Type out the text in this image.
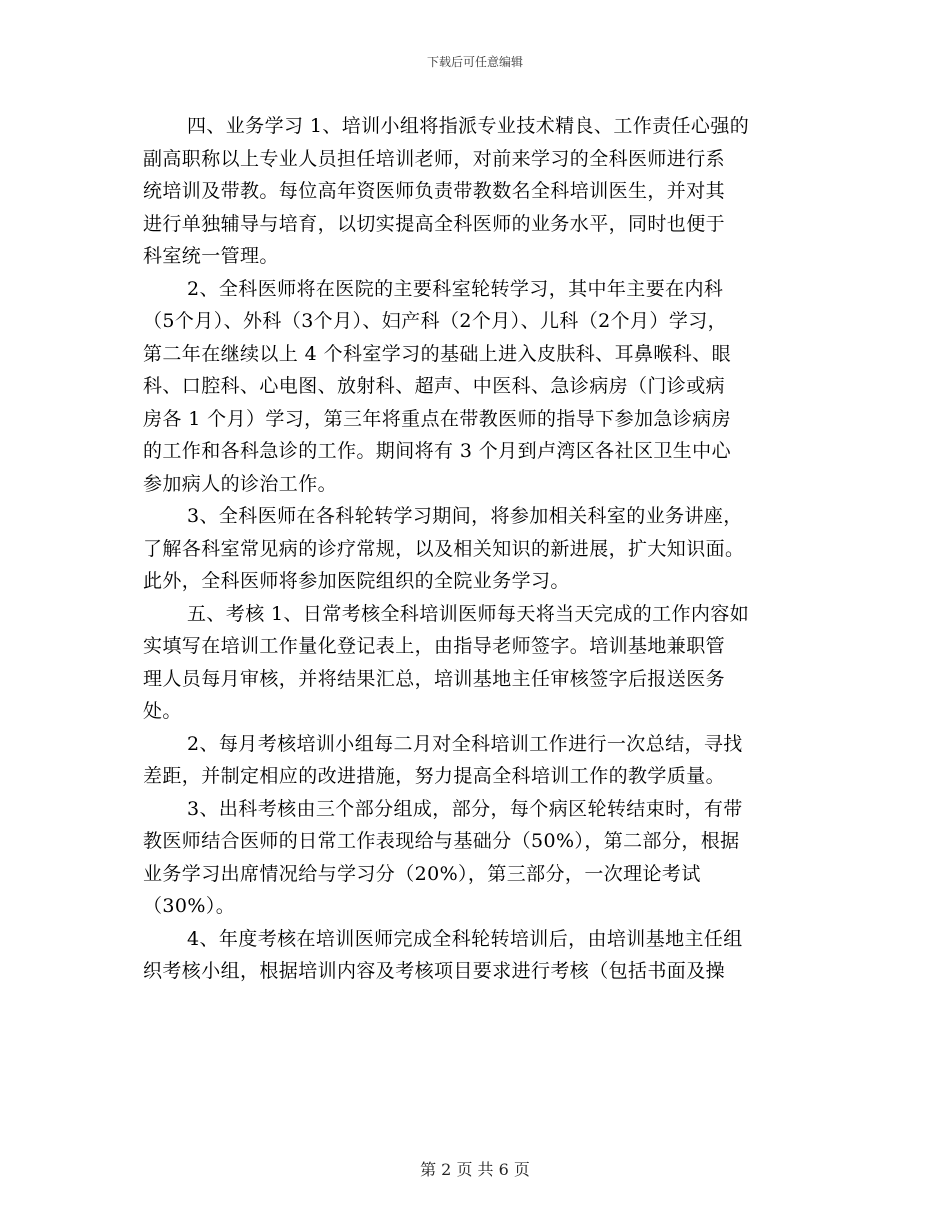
下载后可任意编辑
四、业务学习 1、培训小组将指派专业技术精良、工作责任心强的
副高职称以上专业人员担任培训老师，对前来学习的全科医师进行系
统培训及带教。每位高年资医师负责带教数名全科培训医生，并对其
进行单独辅导与培育，以切实提高全科医师的业务水平，同时也便于
科室统一管理。
2、全科医师将在医院的主要科室轮转学习，其中年主要在内科
（5个月）、外科（3个月）、妇产科（2个月）、儿科（2个月）学习，
第二年在继续以上 4 个科室学习的基础上进入皮肤科、耳鼻喉科、眼
科、口腔科、心电图、放射科、超声、中医科、急诊病房（门诊或病
房各 1 个月）学习，第三年将重点在带教医师的指导下参加急诊病房
的工作和各科急诊的工作。期间将有 3 个月到卢湾区各社区卫生中心
参加病人的诊治工作。
3、全科医师在各科轮转学习期间，将参加相关科室的业务讲座，
了解各科室常见病的诊疗常规，以及相关知识的新进展，扩大知识面。
此外，全科医师将参加医院组织的全院业务学习。
五、考核 1、日常考核全科培训医师每天将当天完成的工作内容如
实填写在培训工作量化登记表上，由指导老师签字。培训基地兼职管
理人员每月审核，并将结果汇总，培训基地主任审核签字后报送医务
处。
2、每月考核培训小组每二月对全科培训工作进行一次总结，寻找
差距，并制定相应的改进措施，努力提高全科培训工作的教学质量。
3、出科考核由三个部分组成，部分，每个病区轮转结束时，有带
教医师结合医师的日常工作表现给与基础分（50%），第二部分，根据
业务学习出席情况给与学习分（20%），第三部分，一次理论考试
（30%）。
4、年度考核在培训医师完成全科轮转培训后，由培训基地主任组
织考核小组，根据培训内容及考核项目要求进行考核（包括书面及操
第 2 页 共 6 页
